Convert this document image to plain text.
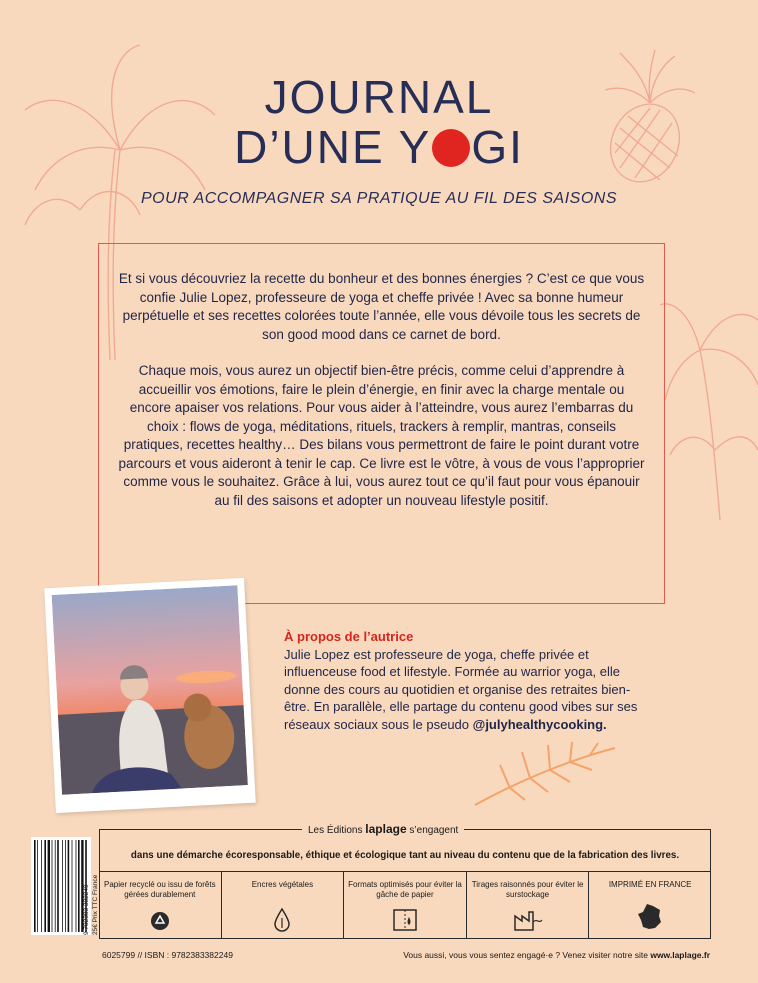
JOURNAL
D’UNE Y GI
POUR ACCOMPAGNER SA PRATIQUE AU FIL DES SAISONS

Et si vous découvriez la recette du bonheur et des bonnes énergies ? C’est ce que vous confie Julie Lopez, professeure de yoga et cheffe privée ! Avec sa bonne humeur perpétuelle et ses recettes colorées toute l’année, elle vous dévoile tous les secrets de son good mood dans ce carnet de bord.

Chaque mois, vous aurez un objectif bien-être précis, comme celui d’apprendre à accueillir vos émotions, faire le plein d’énergie, en finir avec la charge mentale ou encore apaiser vos relations. Pour vous aider à l’atteindre, vous aurez l’embarras du choix : flows de yoga, méditations, rituels, trackers à remplir, mantras, conseils pratiques, recettes healthy… Des bilans vous permettront de faire le point durant votre parcours et vous aideront à tenir le cap. Ce livre est le vôtre, à vous de vous l’approprier comme vous le souhaitez. Grâce à lui, vous aurez tout ce qu’il faut pour vous épanouir au fil des saisons et adopter un nouveau lifestyle positif.

À propos de l’autrice
Julie Lopez est professeure de yoga, cheffe privée et influenceuse food et lifestyle. Formée au warrior yoga, elle donne des cours au quotidien et organise des retraites bien-être. En parallèle, elle partage du contenu good vibes sur ses réseaux sociaux sous le pseudo @julyhealthycooking.
9 782383 382249 25€ Prix TTC France
Les Éditions laplage s’engagent
dans une démarche écoresponsable, éthique et écologique tant au niveau du contenu que de la fabrication des livres.
Papier recyclé ou issu de forêts gérées durablement
Encres végétales	Formats optimisés pour éviter la gâche de papier
Tirages raisonnés pour éviter le surstockage
IMPRIMÉ EN FRANCE
6025799 // ISBN : 9782383382249	Vous aussi, vous vous sentez engagé·e ? Venez visiter notre site www.laplage.fr
